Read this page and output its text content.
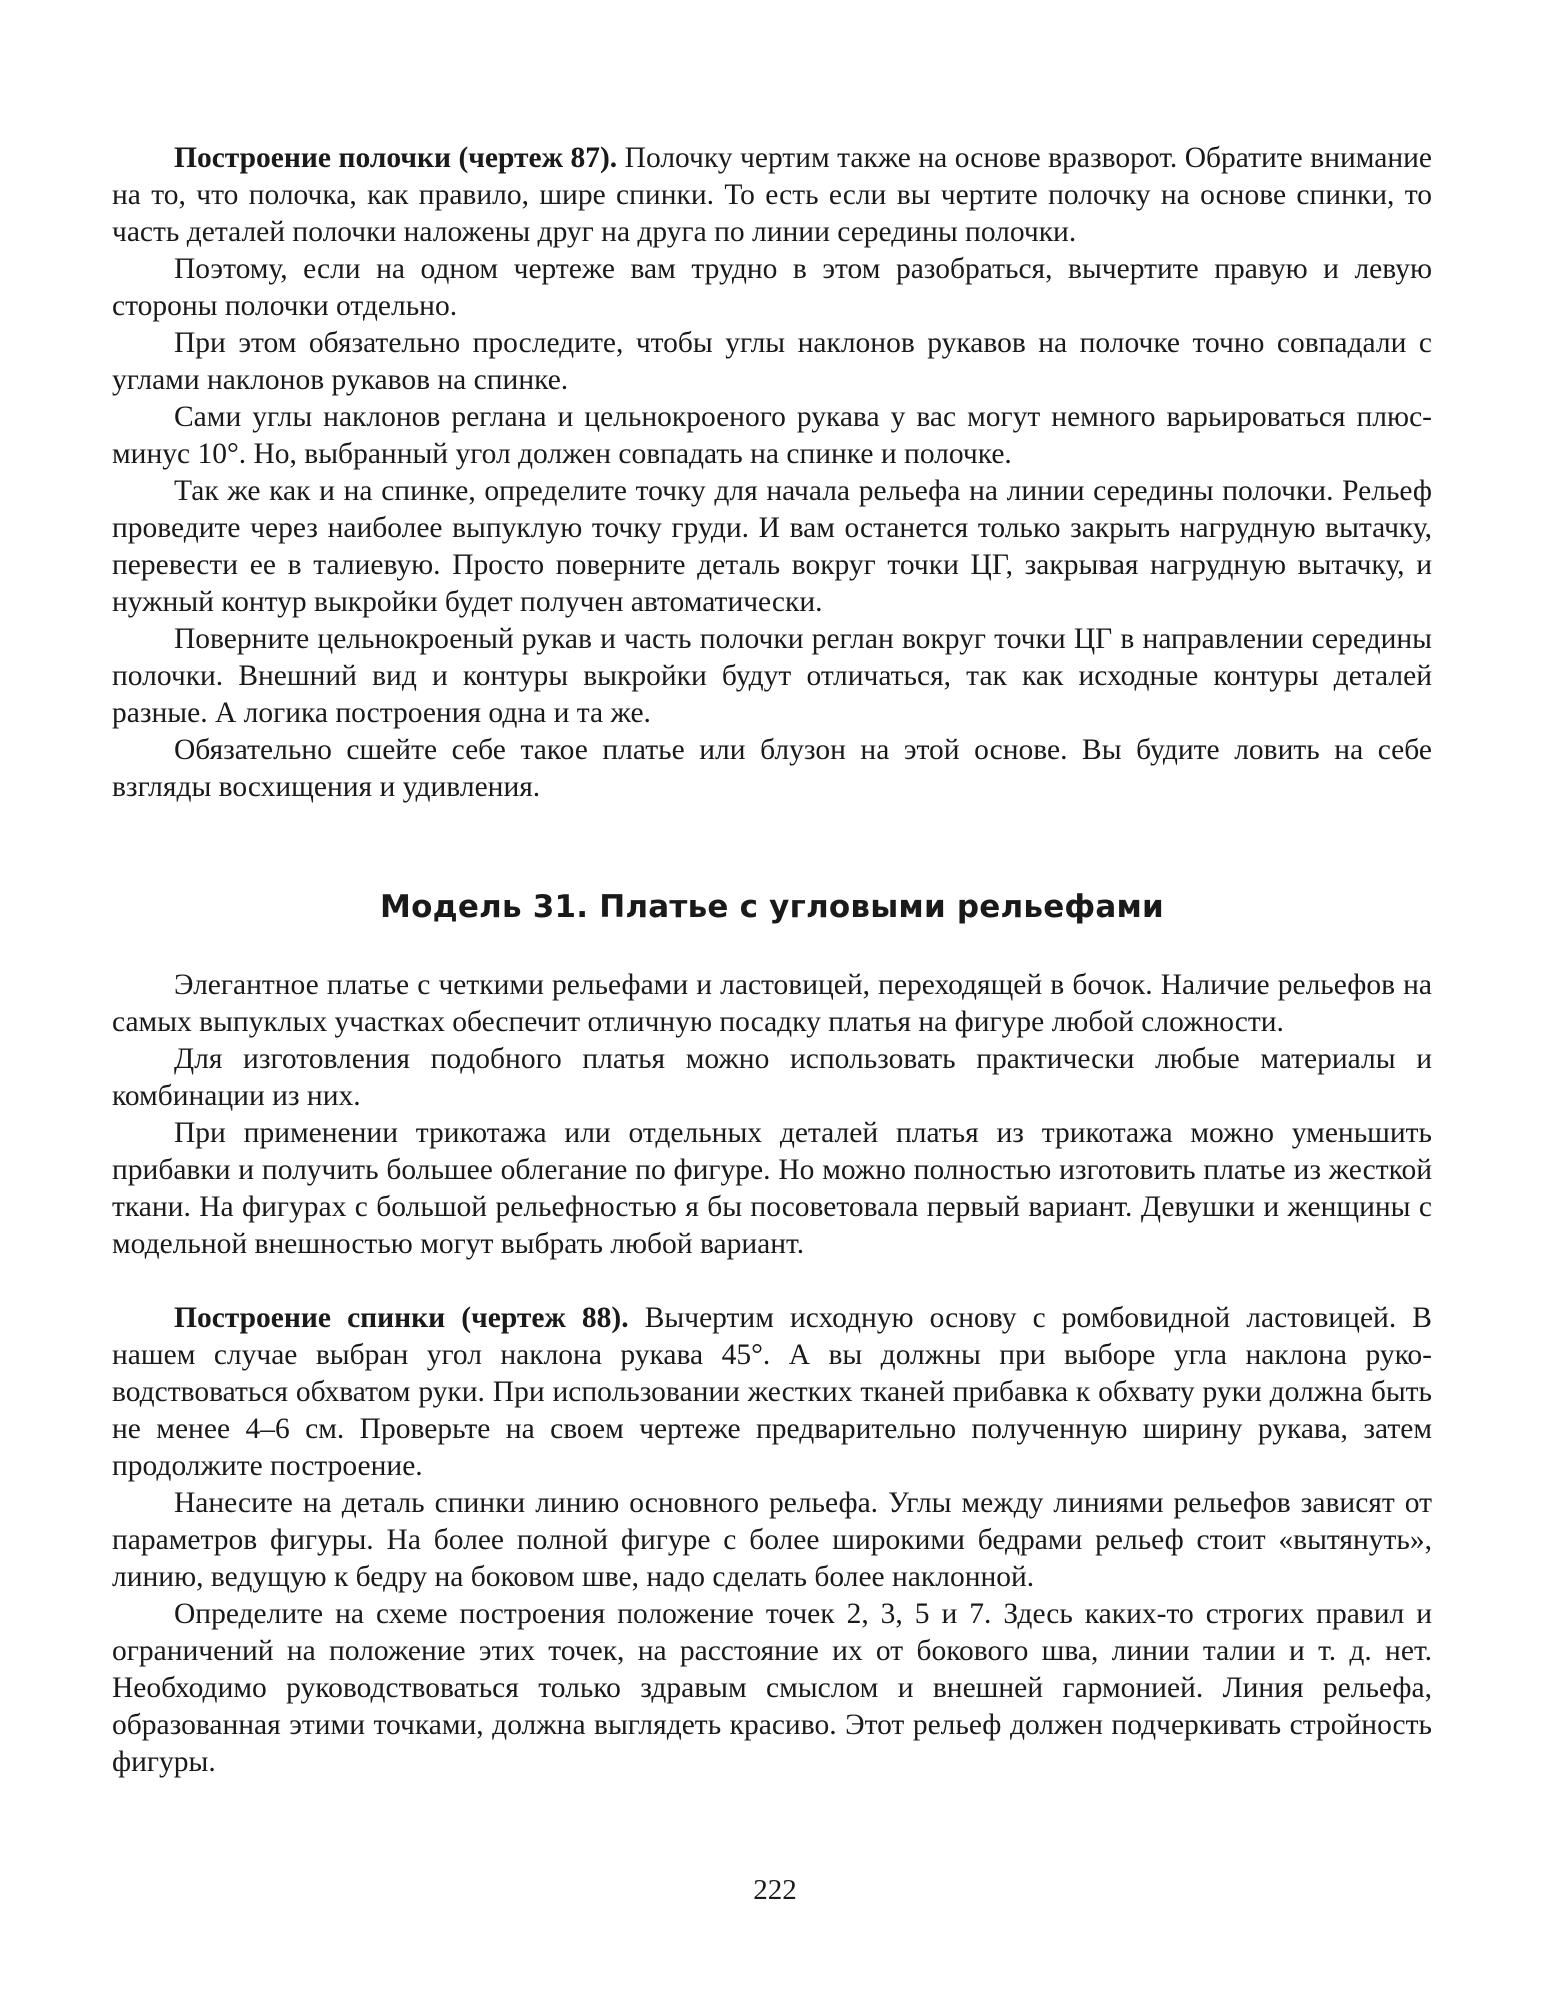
Построение полочки (чертеж 87). Полочку чертим также на основе вразворот. Обратите внимание на то, что полочка, как правило, шире спинки. То есть если вы чертите полочку на основе спинки, то часть деталей полочки наложены друг на друга по линии середины полочки.

Поэтому, если на одном чертеже вам трудно в этом разобраться, вычертите правую и левую стороны полочки отдельно.

При этом обязательно проследите, чтобы углы наклонов рукавов на полочке точно совпадали с углами наклонов рукавов на спинке.

Сами углы наклонов реглана и цельнокроеного рукава у вас могут немного варьироваться плюс-минус 10°. Но, выбранный угол должен совпадать на спинке и полочке.

Так же как и на спинке, определите точку для начала рельефа на линии середины полочки. Рельеф проведите через наиболее выпуклую точку груди. И вам останется только закрыть нагрудную вытачку, перевести ее в талиевую. Просто поверните деталь вокруг точки ЦГ, закрывая нагрудную вытачку, и нужный контур выкройки будет получен автоматически.

Поверните цельнокроеный рукав и часть полочки реглан вокруг точки ЦГ в направлении середины полочки. Внешний вид и контуры выкройки будут отличаться, так как исходные контуры деталей разные. А логика построения одна и та же.

Обязательно сшейте себе такое платье или блузон на этой основе. Вы будите ловить на себе взгляды восхищения и удивления.

Модель 31. Платье с угловыми рельефами

Элегантное платье с четкими рельефами и ластовицей, переходящей в бочок. Наличие рельефов на самых выпуклых участках обеспечит отличную посадку платья на фигуре любой сложности.

Для изготовления подобного платья можно использовать практически любые материалы и комбинации из них.

При применении трикотажа или отдельных деталей платья из трикотажа можно уменьшить прибавки и получить большее облегание по фигуре. Но можно полностью изготовить платье из жесткой ткани. На фигурах с большой рельефностью я бы посоветовала первый вариант. Девушки и женщины с модельной внешностью могут выбрать любой вариант.

Построение спинки (чертеж 88). Вычертим исходную основу с ромбовидной ластовицей. В нашем случае выбран угол наклона рукава 45°. А вы должны при выборе угла наклона руководствоваться обхватом руки. При использовании жестких тканей прибавка к обхвату руки должна быть не менее 4–6 см. Проверьте на своем чертеже предварительно полученную ширину рукава, затем продолжите построение.

Нанесите на деталь спинки линию основного рельефа. Углы между линиями рельефов зависят от параметров фигуры. На более полной фигуре с более широкими бедрами рельеф стоит «вытянуть», линию, ведущую к бедру на боковом шве, надо сделать более наклонной.

Определите на схеме построения положение точек 2, 3, 5 и 7. Здесь каких-то строгих правил и ограничений на положение этих точек, на расстояние их от бокового шва, линии талии и т. д. нет. Необходимо руководствоваться только здравым смыслом и внешней гармонией. Линия рельефа, образованная этими точками, должна выглядеть красиво. Этот рельеф должен подчеркивать стройность фигуры.

222
